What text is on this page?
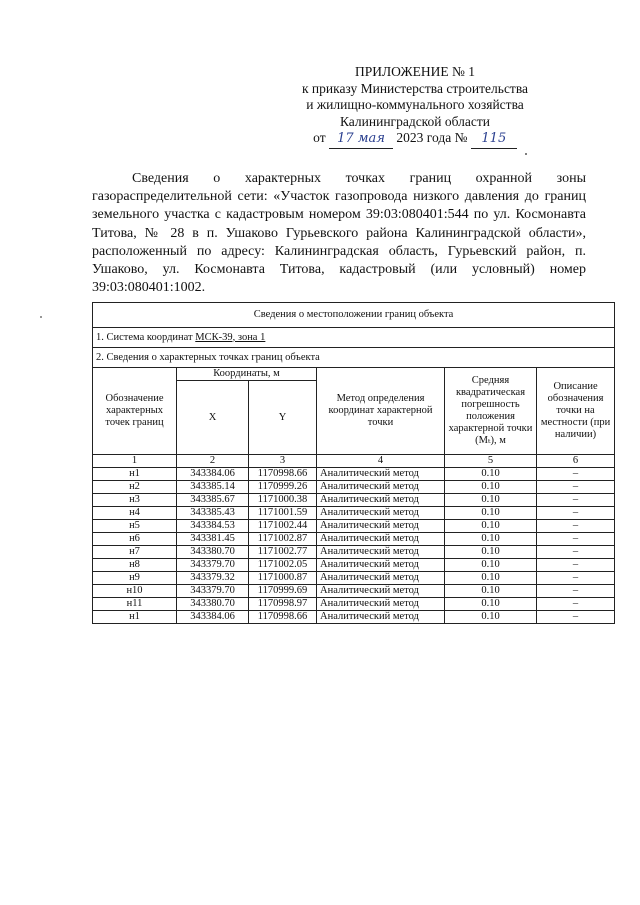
ПРИЛОЖЕНИЕ № 1
к приказу Министерства строительства
и жилищно-коммунального хозяйства
Калининградской области
от 17 мая 2023 года № 115
Сведения о характерных точках границ охранной зоны газораспределительной сети: «Участок газопровода низкого давления до границ земельного участка с кадастровым номером 39:03:080401:544 по ул. Космонавта Титова, № 28 в п. Ушаково Гурьевского района Калининградской области», расположенный по адресу: Калининградская область, Гурьевский район, п. Ушаково, ул. Космонавта Титова, кадастровый (или условный) номер 39:03:080401:1002.
Сведения о местоположении границ объекта					
1. Система координат МСК-39, зона 1					
2. Сведения о характерных точках границ объекта					
Обозначение характерных точек границ	Координаты, м		Метод определения координат характерной точки	Средняя квадратическая погрешность положения характерной точки (Mₜ), м	Описание обозначения точки на местности (при наличии)
	X	Y			
1	2	3	4	5	6
н1	343384.06	1170998.66	Аналитический метод	0.10	–
н2	343385.14	1170999.26	Аналитический метод	0.10	–
н3	343385.67	1171000.38	Аналитический метод	0.10	–
н4	343385.43	1171001.59	Аналитический метод	0.10	–
н5	343384.53	1171002.44	Аналитический метод	0.10	–
н6	343381.45	1171002.87	Аналитический метод	0.10	–
н7	343380.70	1171002.77	Аналитический метод	0.10	–
н8	343379.70	1171002.05	Аналитический метод	0.10	–
н9	343379.32	1171000.87	Аналитический метод	0.10	–
н10	343379.70	1170999.69	Аналитический метод	0.10	–
н11	343380.70	1170998.97	Аналитический метод	0.10	–
н1	343384.06	1170998.66	Аналитический метод	0.10	–
